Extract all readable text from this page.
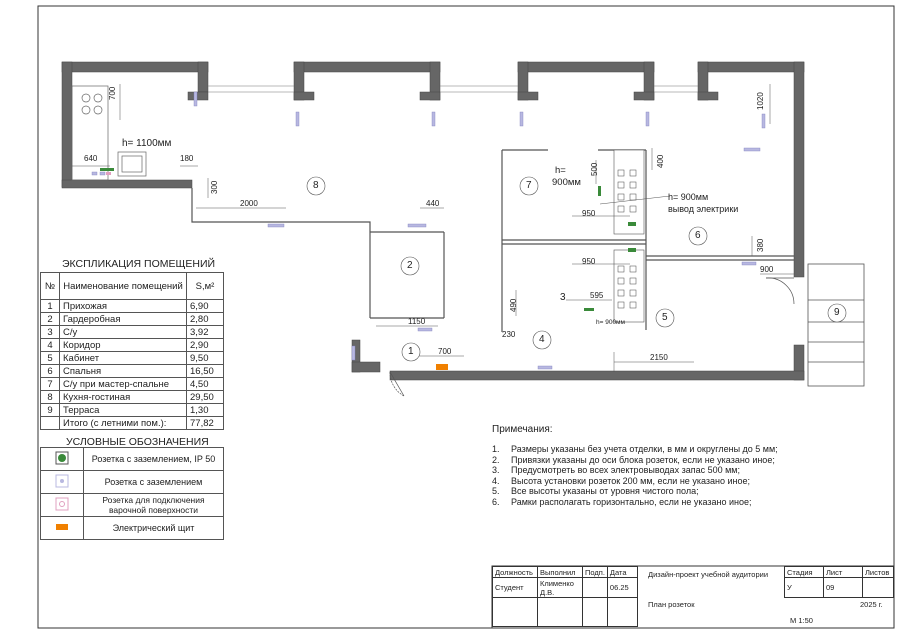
8
2
7
6
3
4
5
1
9
h= 1100мм
h=
900мм
h= 900мм
вывод электрики
h= 900мм
700
640	180
300
2000	440
1150
700
230
490
595
950
950
500
400
380
900
1020
2150
ЭКСПЛИКАЦИЯ ПОМЕЩЕНИЙ
№	Наименование помещений	S,м²
1	Прихожая	6,90
2	Гардеробная	2,80
3	С/у	3,92
4	Коридор	2,90
5	Кабинет	9,50
6	Спальня	16,50
7	С/у при мастер-спальне	4,50
8	Кухня-гостиная	29,50
9	Терраса	1,30
	Итого (с летними пом.):	77,82
УСЛОВНЫЕ ОБОЗНАЧЕНИЯ
	Розетка с заземлением, IP 50
	Розетка с заземлением
	Розетка для подключения варочной поверхности
	Электрический щит
Примечания:
1.	Размеры указаны без учета отделки, в мм и округлены до 5 мм;
2.	Привязки указаны до оси блока розеток, если не указано иное;
3.	Предусмотреть во всех электровыводах запас 500 мм;
4.	Высота установки розеток 200 мм, если не указано иное;
5.	Все высоты указаны от уровня чистого пола;
6.	Рамки располагать горизонтально, если не указано иное;
Должность	Выполнил	Подп.	Дата
Студент	Клименко Д.В.		06.25

Дизайн-проект учебной аудитории
План розеток
Стадия	Лист	Листов
У	09	
2025 г.
М 1:50
